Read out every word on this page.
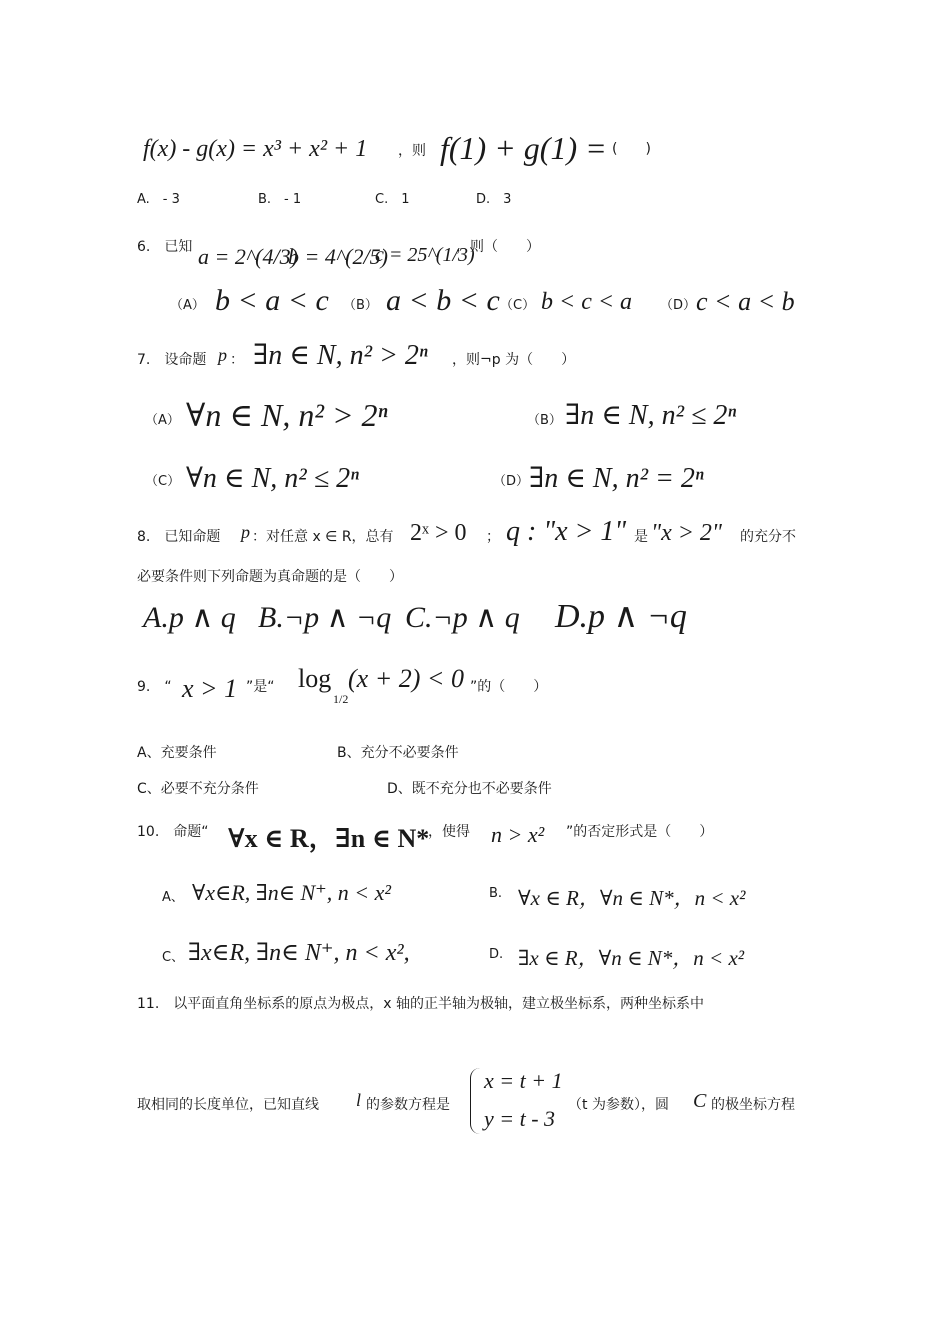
f(x) - g(x) = x³ + x² + 1 ，则 f(1) + g(1) = (　　)
A.　- 3	B.　- 1	C.　1	D.　3
6.　已知 a = 2^(4/3)
b = 4^(2/5)
c = 25^(1/3)
，则（　　）
（A） b < a < c （B） a < b < c （C） b < c < a （D） c < a < b
7.　设命题 p ： ∃n ∈ N, n² > 2ⁿ ，则¬p 为（　　）
（A） ∀n ∈ N, n² > 2ⁿ	（B） ∃n ∈ N, n² ≤ 2ⁿ
（C） ∀n ∈ N, n² ≤ 2ⁿ	（D） ∃n ∈ N, n² = 2ⁿ
8.　已知命题 p ：对任意 x ∈ R，总有 2ˣ > 0 ； q : "x > 1" 是 "x > 2" 的充分不
必要条件则下列命题为真命题的是（　　）
A.p ∧ q B.¬p ∧ ¬q C.¬p ∧ q D.p ∧ ¬q
9.　“ x > 1 ”是“ log
1/2
(x + 2) < 0 ”的（　　）
A、充要条件	B、充分不必要条件
C、必要不充分条件	D、既不充分也不必要条件
10.　命题“ ∀x ∈ R，∃n ∈ N*
，使得 n > x² ”的否定形式是（　　）
A、 ∀x∈R, ∃n∈ N⁺, n < x²	B. ∀x ∈ R，∀n ∈ N*，n < x²
C、 ∃x∈R, ∃n∈ N⁺, n < x²,	D. ∃x ∈ R，∀n ∈ N*，n < x²
11.　以平面直角坐标系的原点为极点，x 轴的正半轴为极轴，建立极坐标系，两种坐标系中
取相同的长度单位，已知直线 l 的参数方程是
x = t + 1
y = t - 3
（t 为参数），圆 C 的极坐标方程
